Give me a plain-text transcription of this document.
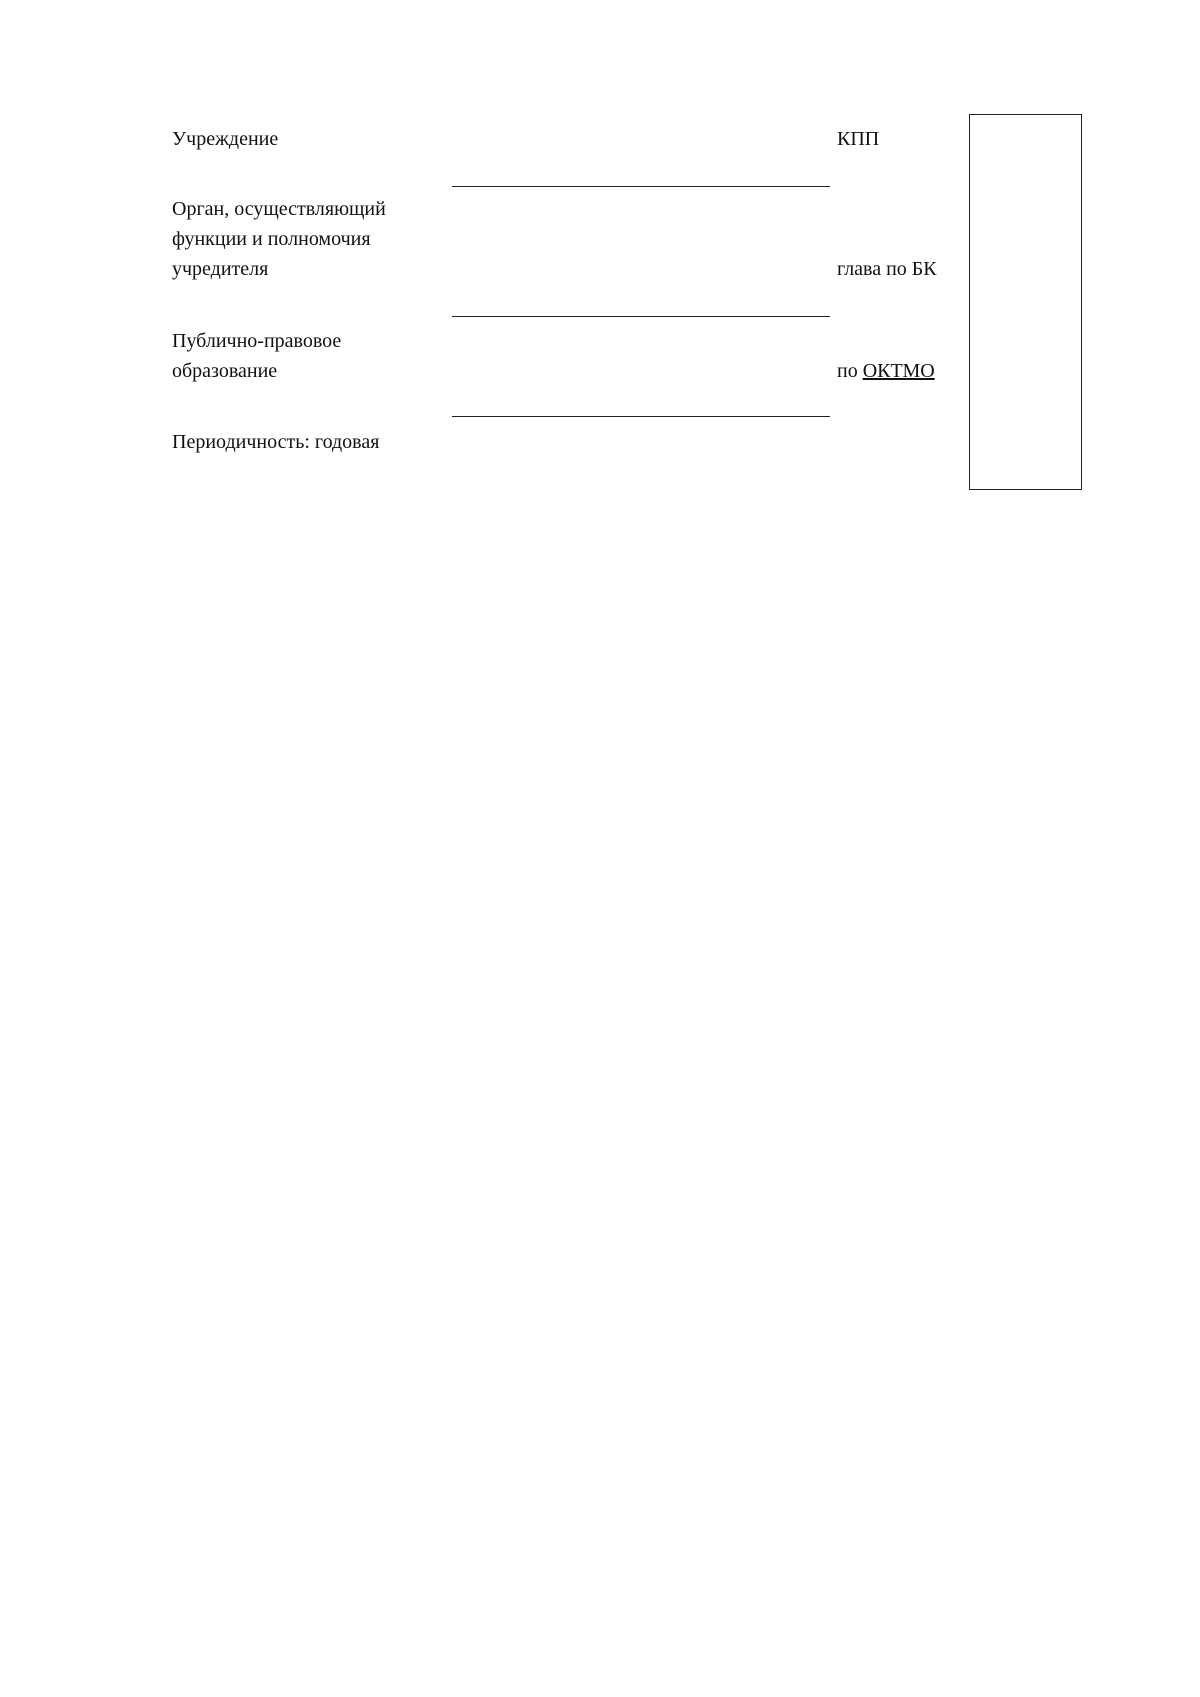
Учреждение	КПП
Орган, осуществляющий
функции и полномочия
учредителя	глава по БК
Публично-правовое
образование	по ОКТМО
Периодичность: годовая
